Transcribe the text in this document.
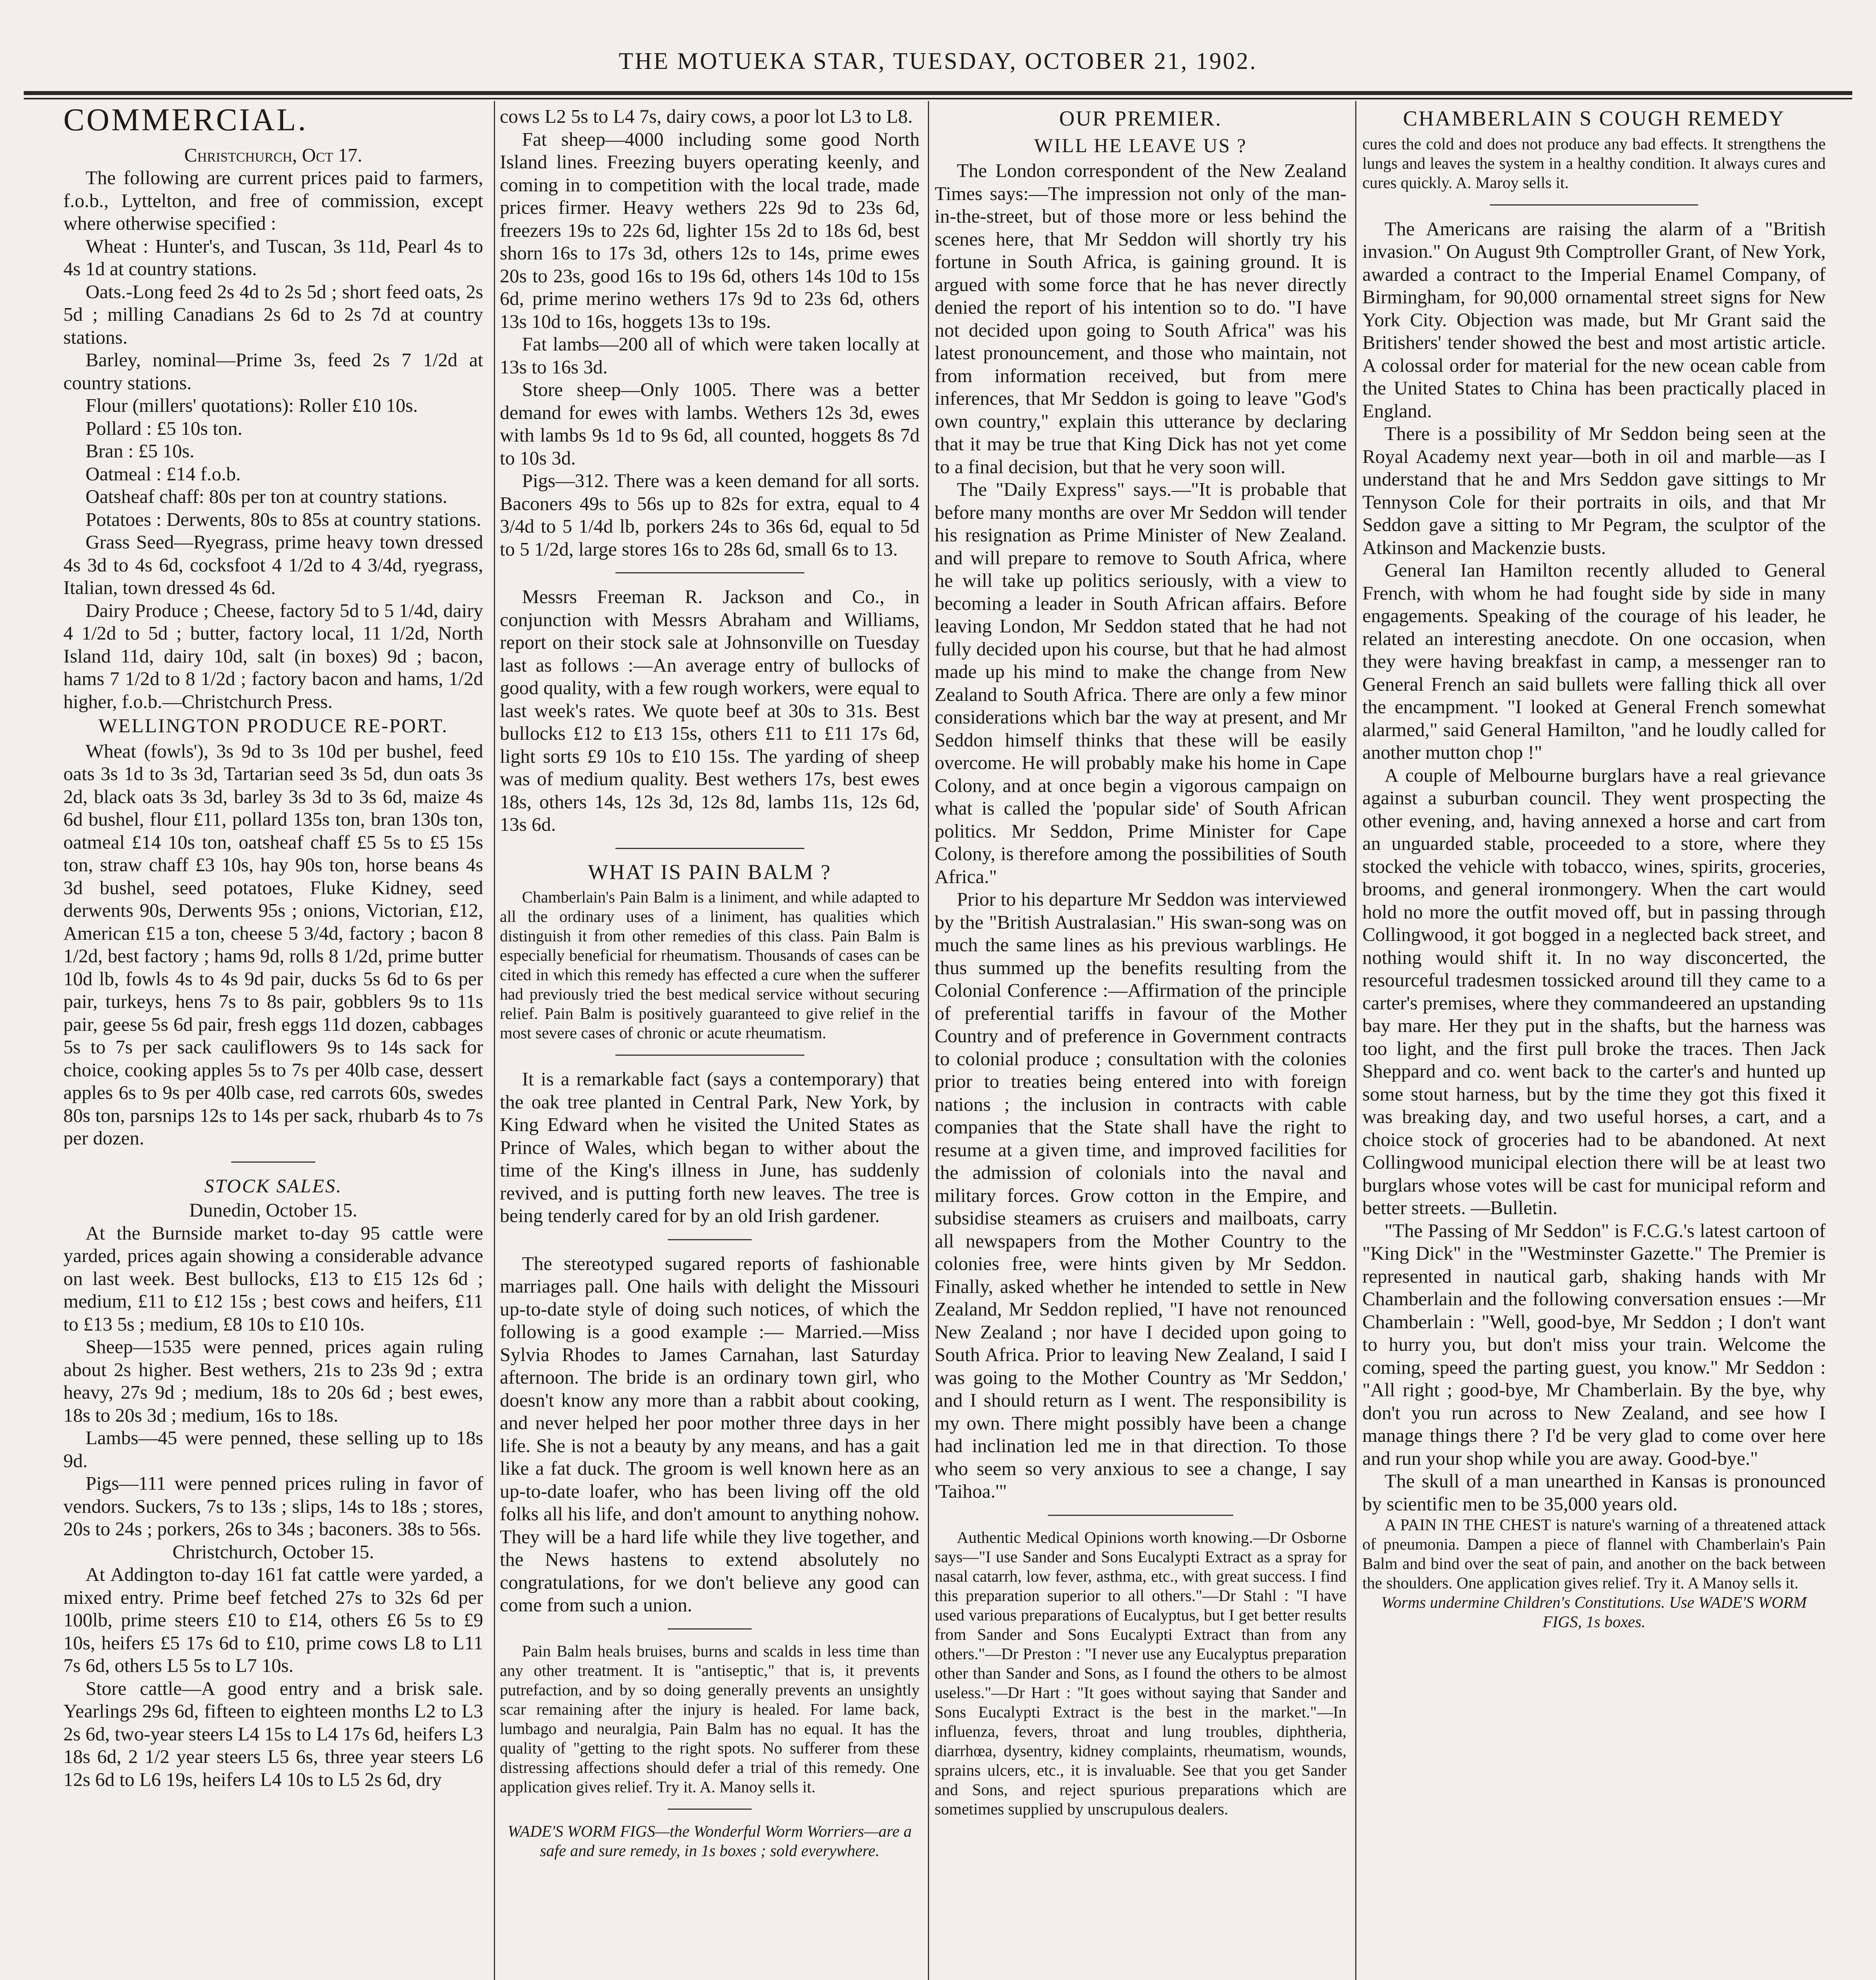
THE MOTUEKA STAR, TUESDAY, OCTOBER 21, 1902.
COMMERCIAL.

Christchurch, Oct 17.

The following are current prices paid to farmers, f.o.b., Lyttelton, and free of commission, except where otherwise specified :

Wheat : Hunter's, and Tuscan, 3s 11d, Pearl 4s to 4s 1d at country stations.

Oats.-Long feed 2s 4d to 2s 5d ; short feed oats, 2s 5d ; milling Canadians 2s 6d to 2s 7d at country stations.

Barley, nominal—Prime 3s, feed 2s 7 1/2d at country stations.

Flour (millers' quotations): Roller £10 10s.

Pollard : £5 10s ton.

Bran : £5 10s.

Oatmeal : £14 f.o.b.

Oatsheaf chaff: 80s per ton at country stations.

Potatoes : Derwents, 80s to 85s at country stations.

Grass Seed—Ryegrass, prime heavy town dressed 4s 3d to 4s 6d, cocksfoot 4 1/2d to 4 3/4d, ryegrass, Italian, town dressed 4s 6d.

Dairy Produce ; Cheese, factory 5d to 5 1/4d, dairy 4 1/2d to 5d ; butter, factory local, 11 1/2d, North Island 11d, dairy 10d, salt (in boxes) 9d ; bacon, hams 7 1/2d to 8 1/2d ; factory bacon and hams, 1/2d higher, f.o.b.—Christchurch Press.

WELLINGTON PRODUCE RE-PORT.

Wheat (fowls'), 3s 9d to 3s 10d per bushel, feed oats 3s 1d to 3s 3d, Tartarian seed 3s 5d, dun oats 3s 2d, black oats 3s 3d, barley 3s 3d to 3s 6d, maize 4s 6d bushel, flour £11, pollard 135s ton, bran 130s ton, oatmeal £14 10s ton, oatsheaf chaff £5 5s to £5 15s ton, straw chaff £3 10s, hay 90s ton, horse beans 4s 3d bushel, seed potatoes, Fluke Kidney, seed derwents 90s, Derwents 95s ; onions, Victorian, £12, American £15 a ton, cheese 5 3/4d, factory ; bacon 8 1/2d, best factory ; hams 9d, rolls 8 1/2d, prime butter 10d lb, fowls 4s to 4s 9d pair, ducks 5s 6d to 6s per pair, turkeys, hens 7s to 8s pair, gobblers 9s to 11s pair, geese 5s 6d pair, fresh eggs 11d dozen, cabbages 5s to 7s per sack cauliflowers 9s to 14s sack for choice, cooking apples 5s to 7s per 40lb case, dessert apples 6s to 9s per 40lb case, red carrots 60s, swedes 80s ton, parsnips 12s to 14s per sack, rhubarb 4s to 7s per dozen.

STOCK SALES.

Dunedin, October 15.

At the Burnside market to-day 95 cattle were yarded, prices again showing a considerable advance on last week. Best bullocks, £13 to £15 12s 6d ; medium, £11 to £12 15s ; best cows and heifers, £11 to £13 5s ; medium, £8 10s to £10 10s.

Sheep—1535 were penned, prices again ruling about 2s higher. Best wethers, 21s to 23s 9d ; extra heavy, 27s 9d ; medium, 18s to 20s 6d ; best ewes, 18s to 20s 3d ; medium, 16s to 18s.

Lambs—45 were penned, these selling up to 18s 9d.

Pigs—111 were penned prices ruling in favor of vendors. Suckers, 7s to 13s ; slips, 14s to 18s ; stores, 20s to 24s ; porkers, 26s to 34s ; baconers. 38s to 56s.

Christchurch, October 15.

At Addington to-day 161 fat cattle were yarded, a mixed entry. Prime beef fetched 27s to 32s 6d per 100lb, prime steers £10 to £14, others £6 5s to £9 10s, heifers £5 17s 6d to £10, prime cows L8 to L11 7s 6d, others L5 5s to L7 10s.

Store cattle—A good entry and a brisk sale. Yearlings 29s 6d, fifteen to eighteen months L2 to L3 2s 6d, two-year steers L4 15s to L4 17s 6d, heifers L3 18s 6d, 2 1/2 year steers L5 6s, three year steers L6 12s 6d to L6 19s, heifers L4 10s to L5 2s 6d, dry

cows L2 5s to L4 7s, dairy cows, a poor lot L3 to L8.

Fat sheep—4000 including some good North Island lines. Freezing buyers operating keenly, and coming in to competition with the local trade, made prices firmer. Heavy wethers 22s 9d to 23s 6d, freezers 19s to 22s 6d, lighter 15s 2d to 18s 6d, best shorn 16s to 17s 3d, others 12s to 14s, prime ewes 20s to 23s, good 16s to 19s 6d, others 14s 10d to 15s 6d, prime merino wethers 17s 9d to 23s 6d, others 13s 10d to 16s, hoggets 13s to 19s.

Fat lambs—200 all of which were taken locally at 13s to 16s 3d.

Store sheep—Only 1005. There was a better demand for ewes with lambs. Wethers 12s 3d, ewes with lambs 9s 1d to 9s 6d, all counted, hoggets 8s 7d to 10s 3d.

Pigs—312. There was a keen demand for all sorts. Baconers 49s to 56s up to 82s for extra, equal to 4 3/4d to 5 1/4d lb, porkers 24s to 36s 6d, equal to 5d to 5 1/2d, large stores 16s to 28s 6d, small 6s to 13.

Messrs Freeman R. Jackson and Co., in conjunction with Messrs Abraham and Williams, report on their stock sale at Johnsonville on Tuesday last as follows :—An average entry of bullocks of good quality, with a few rough workers, were equal to last week's rates. We quote beef at 30s to 31s. Best bullocks £12 to £13 15s, others £11 to £11 17s 6d, light sorts £9 10s to £10 15s. The yarding of sheep was of medium quality. Best wethers 17s, best ewes 18s, others 14s, 12s 3d, 12s 8d, lambs 11s, 12s 6d, 13s 6d.

WHAT IS PAIN BALM ?

Chamberlain's Pain Balm is a liniment, and while adapted to all the ordinary uses of a liniment, has qualities which distinguish it from other remedies of this class. Pain Balm is especially beneficial for rheumatism. Thousands of cases can be cited in which this remedy has effected a cure when the sufferer had previously tried the best medical service without securing relief. Pain Balm is positively guaranteed to give relief in the most severe cases of chronic or acute rheumatism.

It is a remarkable fact (says a contemporary) that the oak tree planted in Central Park, New York, by King Edward when he visited the United States as Prince of Wales, which began to wither about the time of the King's illness in June, has suddenly revived, and is putting forth new leaves. The tree is being tenderly cared for by an old Irish gardener.

The stereotyped sugared reports of fashionable marriages pall. One hails with delight the Missouri up-to-date style of doing such notices, of which the following is a good example :— Married.—Miss Sylvia Rhodes to James Carnahan, last Saturday afternoon. The bride is an ordinary town girl, who doesn't know any more than a rabbit about cooking, and never helped her poor mother three days in her life. She is not a beauty by any means, and has a gait like a fat duck. The groom is well known here as an up-to-date loafer, who has been living off the old folks all his life, and don't amount to anything nohow. They will be a hard life while they live together, and the News hastens to extend absolutely no congratulations, for we don't believe any good can come from such a union.

Pain Balm heals bruises, burns and scalds in less time than any other treatment. It is "antiseptic," that is, it prevents putrefaction, and by so doing generally prevents an unsightly scar remaining after the injury is healed. For lame back, lumbago and neuralgia, Pain Balm has no equal. It has the quality of "getting to the right spots. No sufferer from these distressing affections should defer a trial of this remedy. One application gives relief. Try it. A. Manoy sells it.

WADE'S WORM FIGS—the Wonderful Worm Worriers—are a safe and sure remedy, in 1s boxes ; sold everywhere.

OUR PREMIER.
WILL HE LEAVE US ?

The London correspondent of the New Zealand Times says:—The impression not only of the man-in-the-street, but of those more or less behind the scenes here, that Mr Seddon will shortly try his fortune in South Africa, is gaining ground. It is argued with some force that he has never directly denied the report of his intention so to do. "I have not decided upon going to South Africa" was his latest pronouncement, and those who maintain, not from information received, but from mere inferences, that Mr Seddon is going to leave "God's own country," explain this utterance by declaring that it may be true that King Dick has not yet come to a final decision, but that he very soon will.

The "Daily Express" says.—"It is probable that before many months are over Mr Seddon will tender his resignation as Prime Minister of New Zealand. and will prepare to remove to South Africa, where he will take up politics seriously, with a view to becoming a leader in South African affairs. Before leaving London, Mr Seddon stated that he had not fully decided upon his course, but that he had almost made up his mind to make the change from New Zealand to South Africa. There are only a few minor considerations which bar the way at present, and Mr Seddon himself thinks that these will be easily overcome. He will probably make his home in Cape Colony, and at once begin a vigorous campaign on what is called the 'popular side' of South African politics. Mr Seddon, Prime Minister for Cape Colony, is therefore among the possibilities of South Africa."

Prior to his departure Mr Seddon was interviewed by the "British Australasian." His swan-song was on much the same lines as his previous warblings. He thus summed up the benefits resulting from the Colonial Conference :—Affirmation of the principle of preferential tariffs in favour of the Mother Country and of preference in Government contracts to colonial produce ; consultation with the colonies prior to treaties being entered into with foreign nations ; the inclusion in contracts with cable companies that the State shall have the right to resume at a given time, and improved facilities for the admission of colonials into the naval and military forces. Grow cotton in the Empire, and subsidise steamers as cruisers and mailboats, carry all newspapers from the Mother Country to the colonies free, were hints given by Mr Seddon. Finally, asked whether he intended to settle in New Zealand, Mr Seddon replied, "I have not renounced New Zealand ; nor have I decided upon going to South Africa. Prior to leaving New Zealand, I said I was going to the Mother Country as 'Mr Seddon,' and I should return as I went. The responsibility is my own. There might possibly have been a change had inclination led me in that direction. To those who seem so very anxious to see a change, I say 'Taihoa.'"

Authentic Medical Opinions worth knowing.—Dr Osborne says—"I use Sander and Sons Eucalypti Extract as a spray for nasal catarrh, low fever, asthma, etc., with great success. I find this preparation superior to all others."—Dr Stahl : "I have used various preparations of Eucalyptus, but I get better results from Sander and Sons Eucalypti Extract than from any others."—Dr Preston : "I never use any Eucalyptus preparation other than Sander and Sons, as I found the others to be almost useless."—Dr Hart : "It goes without saying that Sander and Sons Eucalypti Extract is the best in the market."—In influenza, fevers, throat and lung troubles, diphtheria, diarrhœa, dysentry, kidney complaints, rheumatism, wounds, sprains ulcers, etc., it is invaluable. See that you get Sander and Sons, and reject spurious preparations which are sometimes supplied by unscrupulous dealers.

CHAMBERLAIN S COUGH REMEDY

cures the cold and does not produce any bad effects. It strengthens the lungs and leaves the system in a healthy condition. It always cures and cures quickly. A. Maroy sells it.

The Americans are raising the alarm of a "British invasion." On August 9th Comptroller Grant, of New York, awarded a contract to the Imperial Enamel Company, of Birmingham, for 90,000 ornamental street signs for New York City. Objection was made, but Mr Grant said the Britishers' tender showed the best and most artistic article. A colossal order for material for the new ocean cable from the United States to China has been practically placed in England.

There is a possibility of Mr Seddon being seen at the Royal Academy next year—both in oil and marble—as I understand that he and Mrs Seddon gave sittings to Mr Tennyson Cole for their portraits in oils, and that Mr Seddon gave a sitting to Mr Pegram, the sculptor of the Atkinson and Mackenzie busts.

General Ian Hamilton recently alluded to General French, with whom he had fought side by side in many engagements. Speaking of the courage of his leader, he related an interesting anecdote. On one occasion, when they were having breakfast in camp, a messenger ran to General French an said bullets were falling thick all over the encampment. "I looked at General French somewhat alarmed," said General Hamilton, "and he loudly called for another mutton chop !"

A couple of Melbourne burglars have a real grievance against a suburban council. They went prospecting the other evening, and, having annexed a horse and cart from an unguarded stable, proceeded to a store, where they stocked the vehicle with tobacco, wines, spirits, groceries, brooms, and general ironmongery. When the cart would hold no more the outfit moved off, but in passing through Collingwood, it got bogged in a neglected back street, and nothing would shift it. In no way disconcerted, the resourceful tradesmen tossicked around till they came to a carter's premises, where they commandeered an upstanding bay mare. Her they put in the shafts, but the harness was too light, and the first pull broke the traces. Then Jack Sheppard and co. went back to the carter's and hunted up some stout harness, but by the time they got this fixed it was breaking day, and two useful horses, a cart, and a choice stock of groceries had to be abandoned. At next Collingwood municipal election there will be at least two burglars whose votes will be cast for municipal reform and better streets. —Bulletin.

"The Passing of Mr Seddon" is F.C.G.'s latest cartoon of "King Dick" in the "Westminster Gazette." The Premier is represented in nautical garb, shaking hands with Mr Chamberlain and the following conversation ensues :—Mr Chamberlain : "Well, good-bye, Mr Seddon ; I don't want to hurry you, but don't miss your train. Welcome the coming, speed the parting guest, you know." Mr Seddon : "All right ; good-bye, Mr Chamberlain. By the bye, why don't you run across to New Zealand, and see how I manage things there ? I'd be very glad to come over here and run your shop while you are away. Good-bye."

The skull of a man unearthed in Kansas is pronounced by scientific men to be 35,000 years old.

A PAIN IN THE CHEST is nature's warning of a threatened attack of pneumonia. Dampen a piece of flannel with Chamberlain's Pain Balm and bind over the seat of pain, and another on the back between the shoulders. One application gives relief. Try it. A Manoy sells it.

Worms undermine Children's Constitutions. Use WADE'S WORM FIGS, 1s boxes.
